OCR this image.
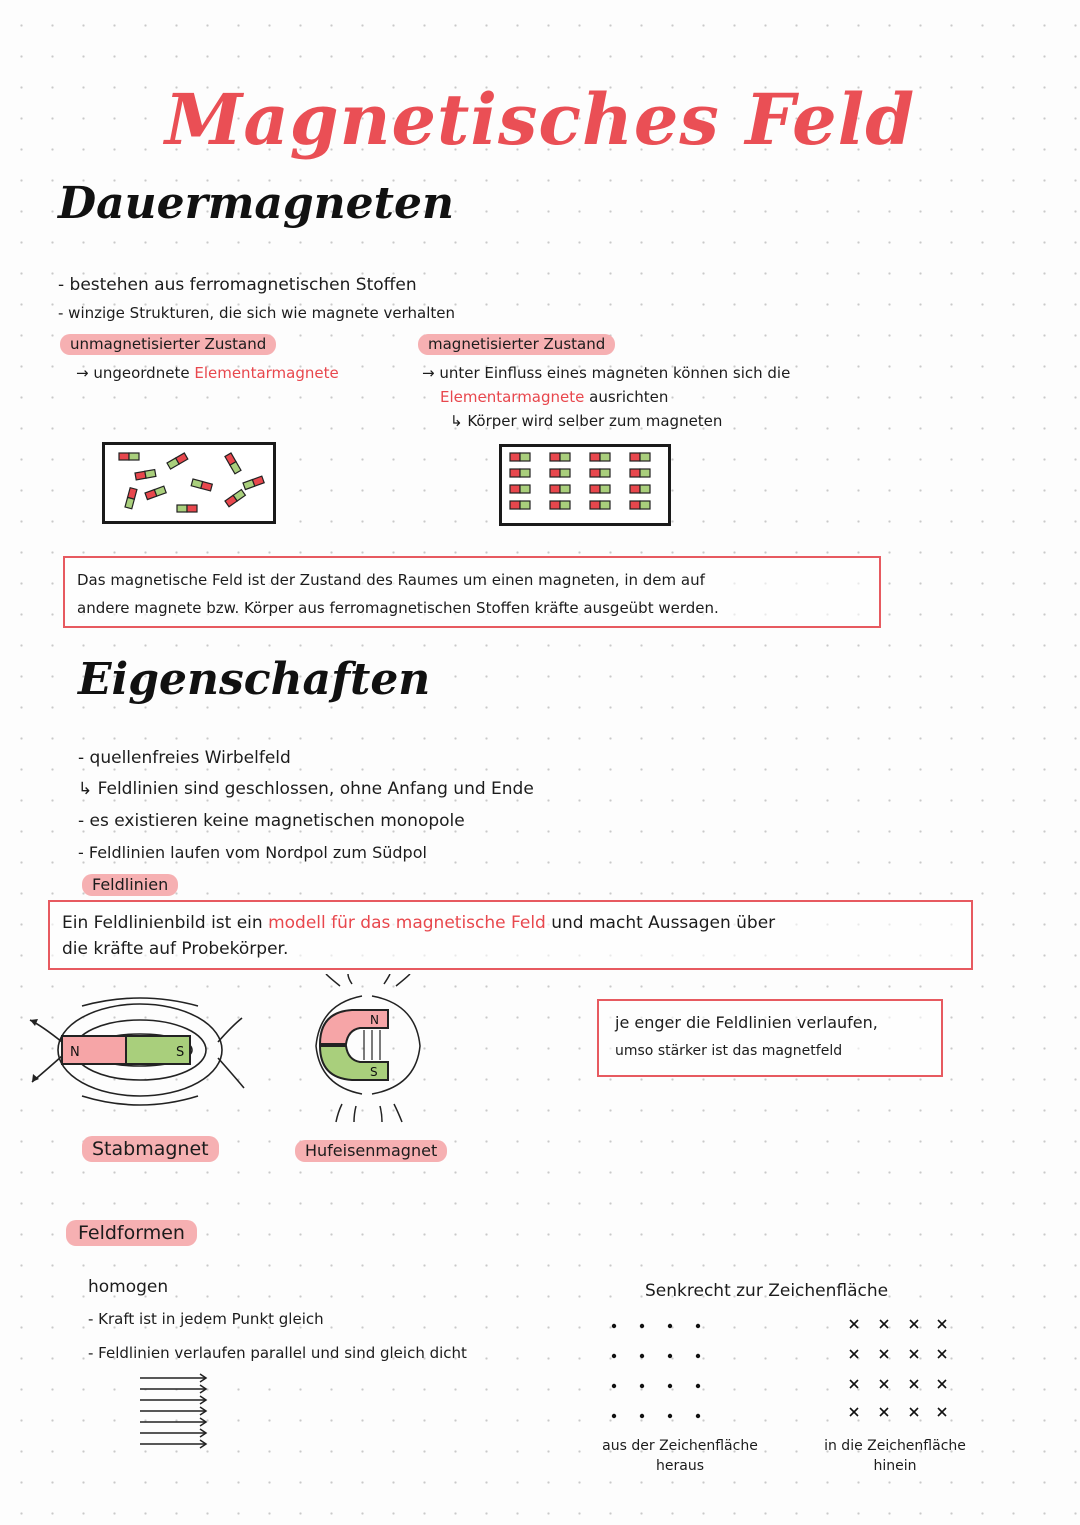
Magnetisches Feld
Dauermagneten
- bestehen aus ferromagnetischen Stoffen
- winzige Strukturen, die sich wie magnete verhalten
unmagnetisierter Zustand
→ ungeordnete Elementarmagnete
magnetisierter Zustand
→ unter Einfluss eines magneten können sich die
Elementarmagnete ausrichten
↳ Körper wird selber zum magneten
Das magnetische Feld ist der Zustand des Raumes um einen magneten, in dem auf
andere magnete bzw. Körper aus ferromagnetischen Stoffen kräfte ausgeübt werden.
Eigenschaften
- quellenfreies Wirbelfeld
↳ Feldlinien sind geschlossen, ohne Anfang und Ende
- es existieren keine magnetischen monopole
- Feldlinien laufen vom Nordpol zum Südpol
Feldlinien
Ein Feldlinienbild ist ein modell für das magnetische Feld und macht Aussagen über
die kräfte auf Probekörper.
N	S
N
S
Stabmagnet	Hufeisenmagnet
je enger die Feldlinien verlaufen,
umso stärker ist das magnetfeld
Feldformen
homogen
- Kraft ist in jedem Punkt gleich
- Feldlinien verlaufen parallel und sind gleich dicht
Senkrecht zur Zeichenfläche
aus der Zeichenfläche heraus
in die Zeichenfläche hinein
